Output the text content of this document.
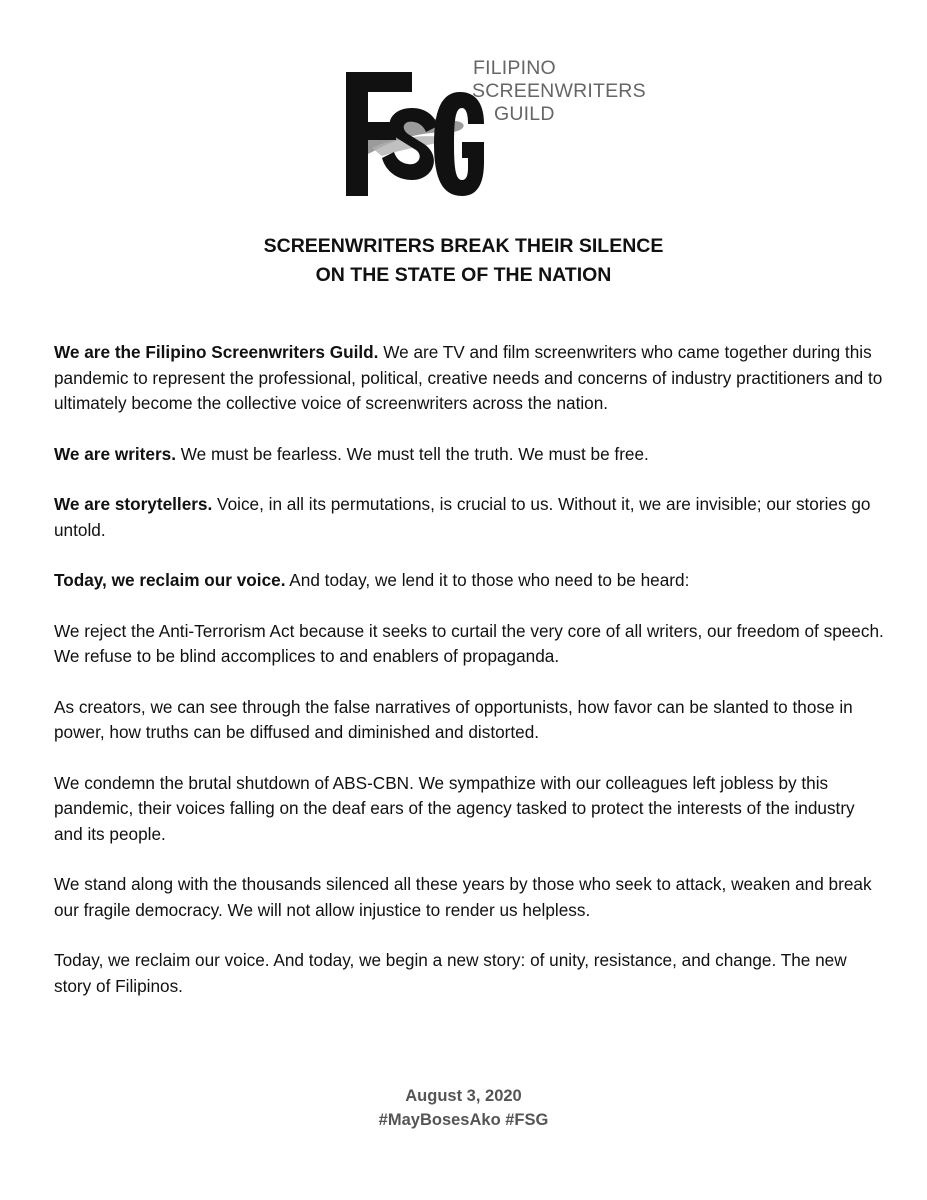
FILIPINO
SCREENWRITERS
GUILD
SCREENWRITERS BREAK THEIR SILENCE
ON THE STATE OF THE NATION

We are the Filipino Screenwriters Guild. We are TV and film screenwriters who came together during this pandemic to represent the professional, political, creative needs and concerns of industry practitioners and to ultimately become the collective voice of screenwriters across the nation.

We are writers. We must be fearless. We must tell the truth. We must be free.

We are storytellers. Voice, in all its permutations, is crucial to us. Without it, we are invisible; our stories go untold.

Today, we reclaim our voice. And today, we lend it to those who need to be heard:

We reject the Anti-Terrorism Act because it seeks to curtail the very core of all writers, our freedom of speech. We refuse to be blind accomplices to and enablers of propaganda.

As creators, we can see through the false narratives of opportunists, how favor can be slanted to those in power, how truths can be diffused and diminished and distorted.

We condemn the brutal shutdown of ABS-CBN. We sympathize with our colleagues left jobless by this pandemic, their voices falling on the deaf ears of the agency tasked to protect the interests of the industry and its people.

We stand along with the thousands silenced all these years by those who seek to attack, weaken and break our fragile democracy. We will not allow injustice to render us helpless.

Today, we reclaim our voice. And today, we begin a new story: of unity, resistance, and change. The new story of Filipinos.

August 3, 2020
#MayBosesAko #FSG
